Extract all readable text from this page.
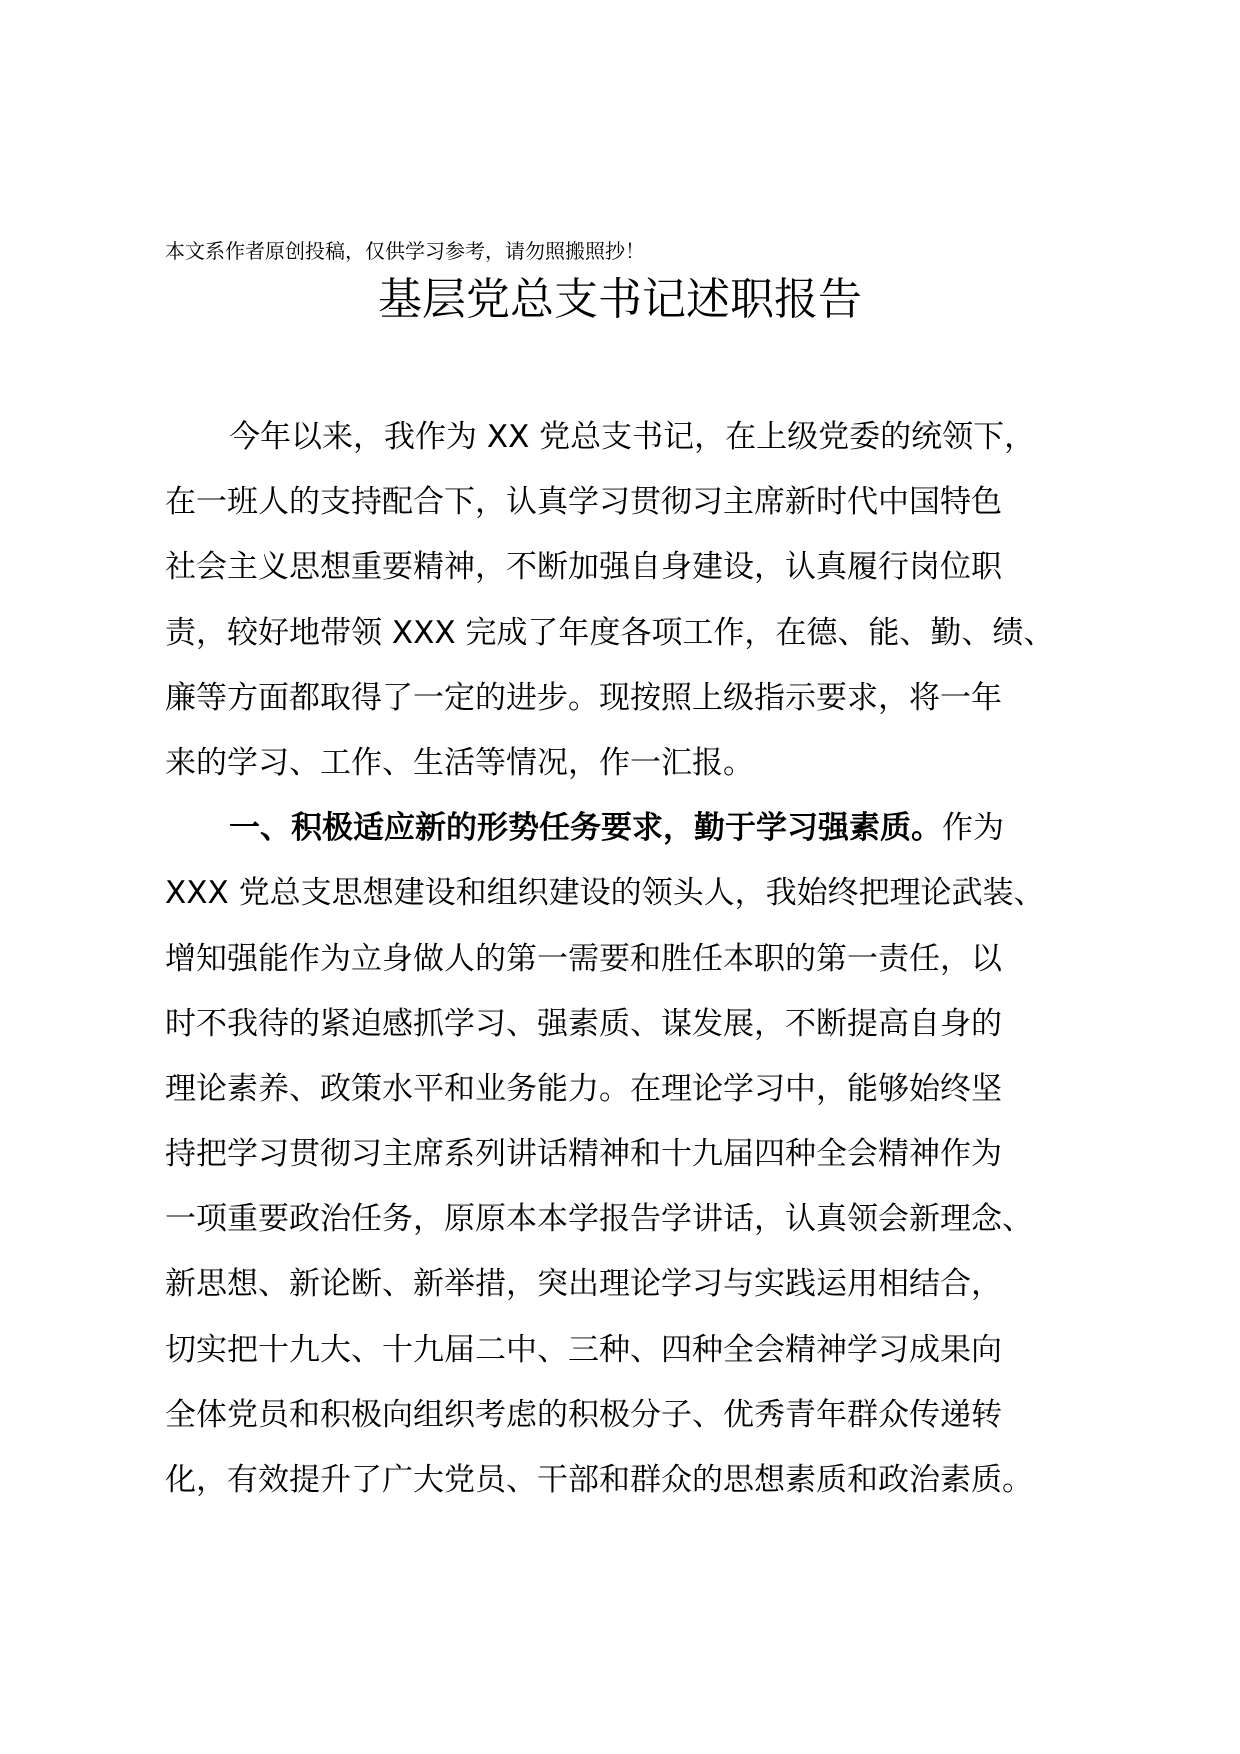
本文系作者原创投稿，仅供学习参考，请勿照搬照抄！
基层党总支书记述职报告
今年以来，我作为 XX 党总支书记，在上级党委的统领下，
在一班人的支持配合下，认真学习贯彻习主席新时代中国特色
社会主义思想重要精神，不断加强自身建设，认真履行岗位职
责，较好地带领 XXX 完成了年度各项工作，在德、能、勤、绩、
廉等方面都取得了一定的进步。现按照上级指示要求，将一年
来的学习、工作、生活等情况，作一汇报。
一、积极适应新的形势任务要求，勤于学习强素质。作为
XXX 党总支思想建设和组织建设的领头人，我始终把理论武装、
增知强能作为立身做人的第一需要和胜任本职的第一责任，以
时不我待的紧迫感抓学习、强素质、谋发展，不断提高自身的
理论素养、政策水平和业务能力。在理论学习中，能够始终坚
持把学习贯彻习主席系列讲话精神和十九届四种全会精神作为
一项重要政治任务，原原本本学报告学讲话，认真领会新理念、
新思想、新论断、新举措，突出理论学习与实践运用相结合，
切实把十九大、十九届二中、三种、四种全会精神学习成果向
全体党员和积极向组织考虑的积极分子、优秀青年群众传递转
化，有效提升了广大党员、干部和群众的思想素质和政治素质。
